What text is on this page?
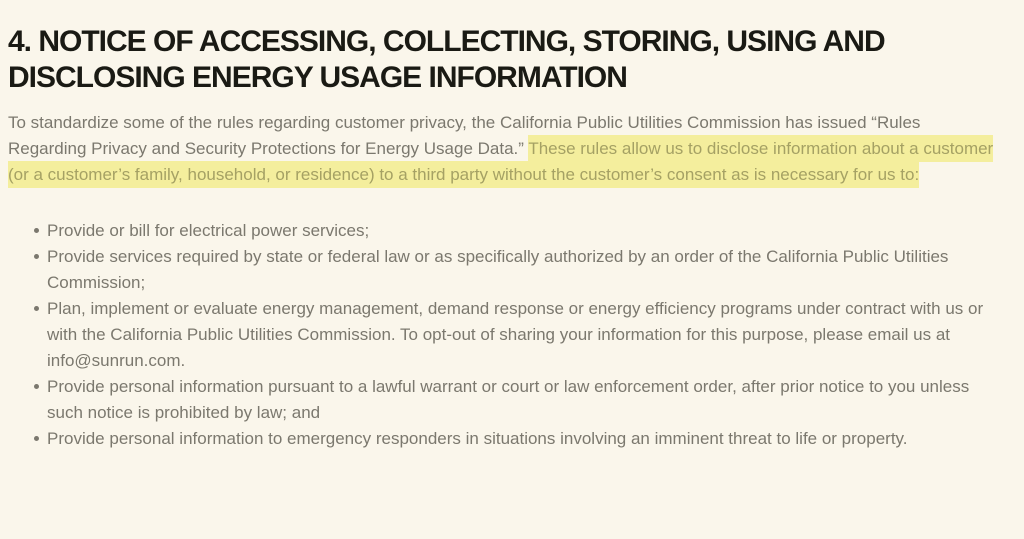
4. NOTICE OF ACCESSING, COLLECTING, STORING, USING AND DISCLOSING ENERGY USAGE INFORMATION

To standardize some of the rules regarding customer privacy, the California Public Utilities Commission has issued “Rules Regarding Privacy and Security Protections for Energy Usage Data.” These rules allow us to disclose information about a customer (or a customer’s family, household, or residence) to a third party without the customer’s consent as is necessary for us to:

Provide or bill for electrical power services;
Provide services required by state or federal law or as specifically authorized by an order of the California Public Utilities Commission;
Plan, implement or evaluate energy management, demand response or energy efficiency programs under contract with us or with the California Public Utilities Commission. To opt-out of sharing your information for this purpose, please email us at info@sunrun.com.
Provide personal information pursuant to a lawful warrant or court or law enforcement order, after prior notice to you unless such notice is prohibited by law; and
Provide personal information to emergency responders in situations involving an imminent threat to life or property.
